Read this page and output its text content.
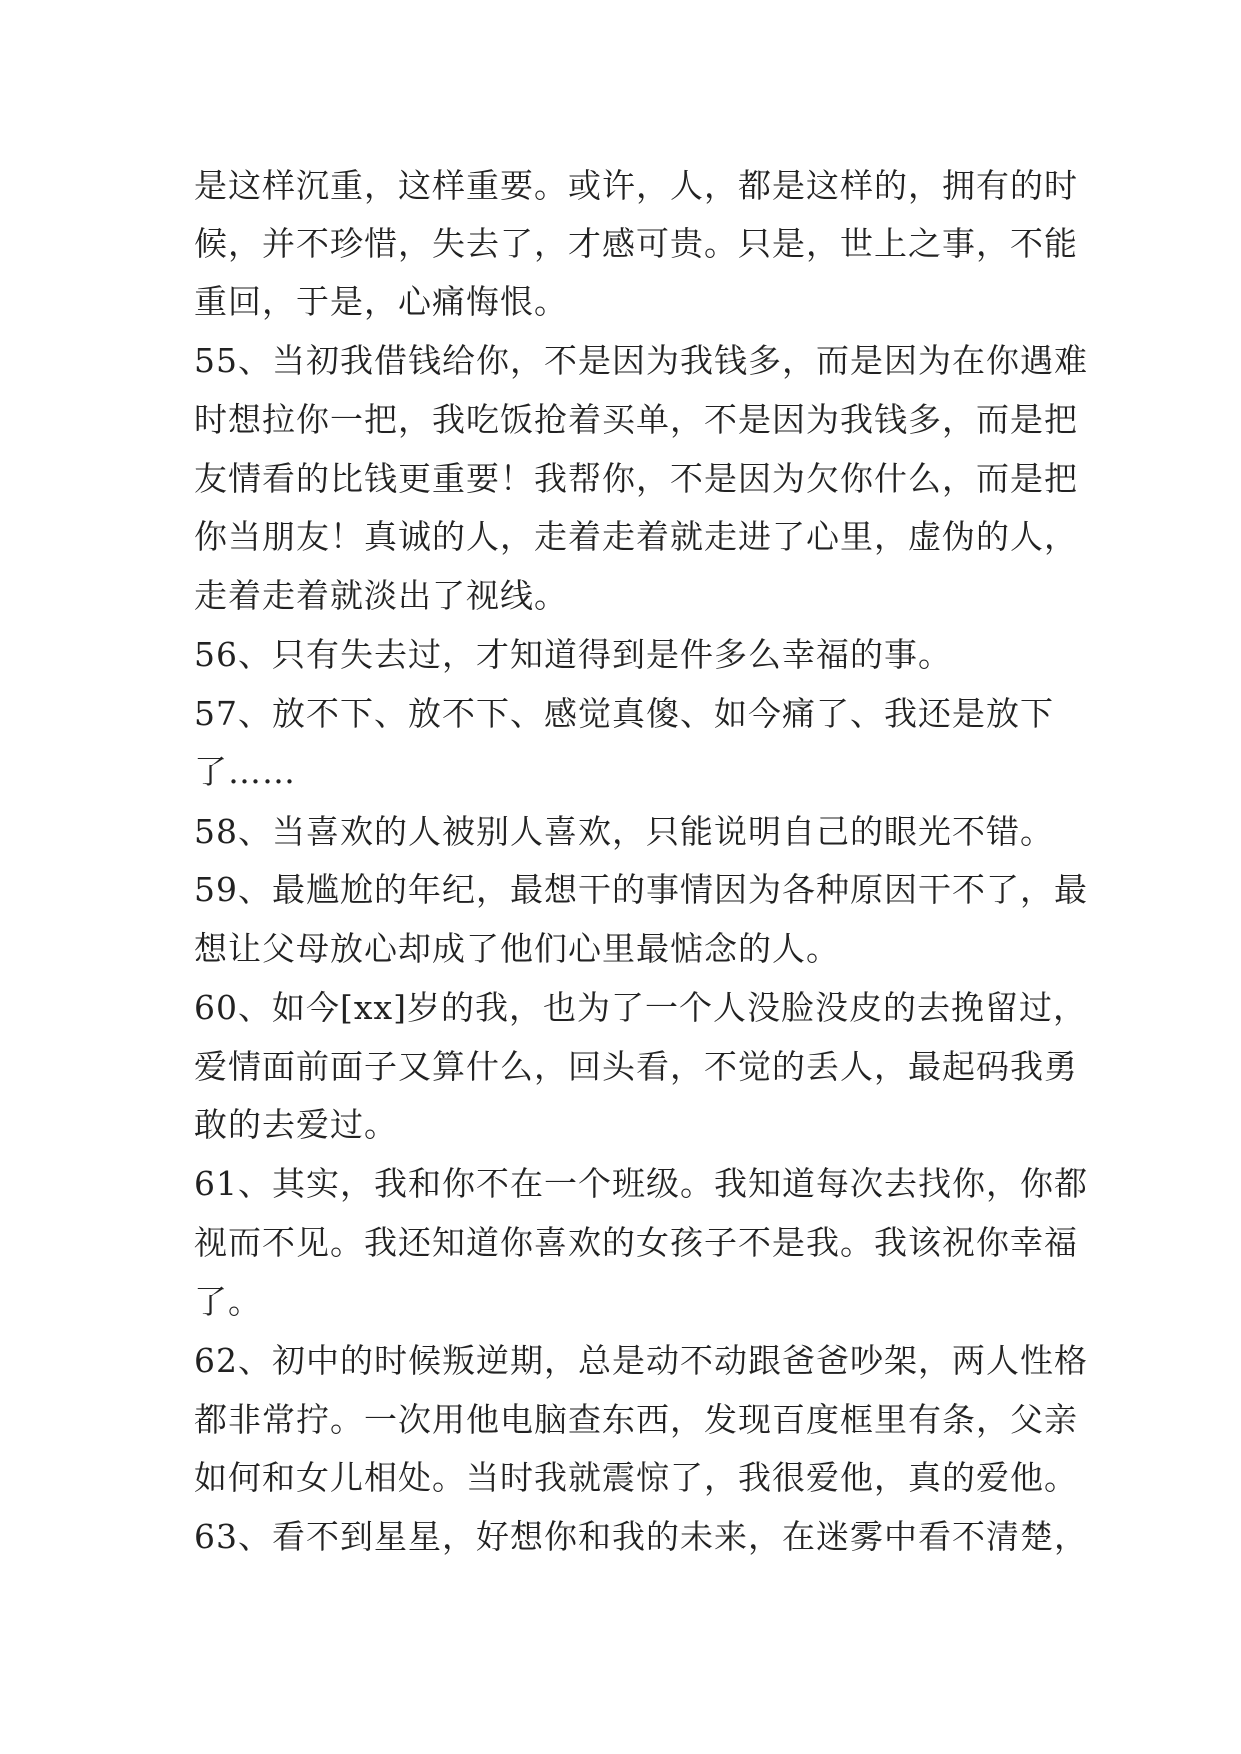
是这样沉重，这样重要。或许，人，都是这样的，拥有的时
候，并不珍惜，失去了，才感可贵。只是，世上之事，不能
重回，于是，心痛悔恨。
55、当初我借钱给你，不是因为我钱多，而是因为在你遇难
时想拉你一把，我吃饭抢着买单，不是因为我钱多，而是把
友情看的比钱更重要！我帮你，不是因为欠你什么，而是把
你当朋友！真诚的人，走着走着就走进了心里，虚伪的人，
走着走着就淡出了视线。
56、只有失去过，才知道得到是件多么幸福的事。
57、放不下、放不下、感觉真傻、如今痛了、我还是放下
了……
58、当喜欢的人被别人喜欢，只能说明自己的眼光不错。
59、最尴尬的年纪，最想干的事情因为各种原因干不了，最
想让父母放心却成了他们心里最惦念的人。
60、如今[xx]岁的我，也为了一个人没脸没皮的去挽留过，
爱情面前面子又算什么，回头看，不觉的丢人，最起码我勇
敢的去爱过。
61、其实，我和你不在一个班级。我知道每次去找你，你都
视而不见。我还知道你喜欢的女孩子不是我。我该祝你幸福
了。
62、初中的时候叛逆期，总是动不动跟爸爸吵架，两人性格
都非常拧。一次用他电脑查东西，发现百度框里有条，父亲
如何和女儿相处。当时我就震惊了，我很爱他，真的爱他。
63、看不到星星，好想你和我的未来，在迷雾中看不清楚，
